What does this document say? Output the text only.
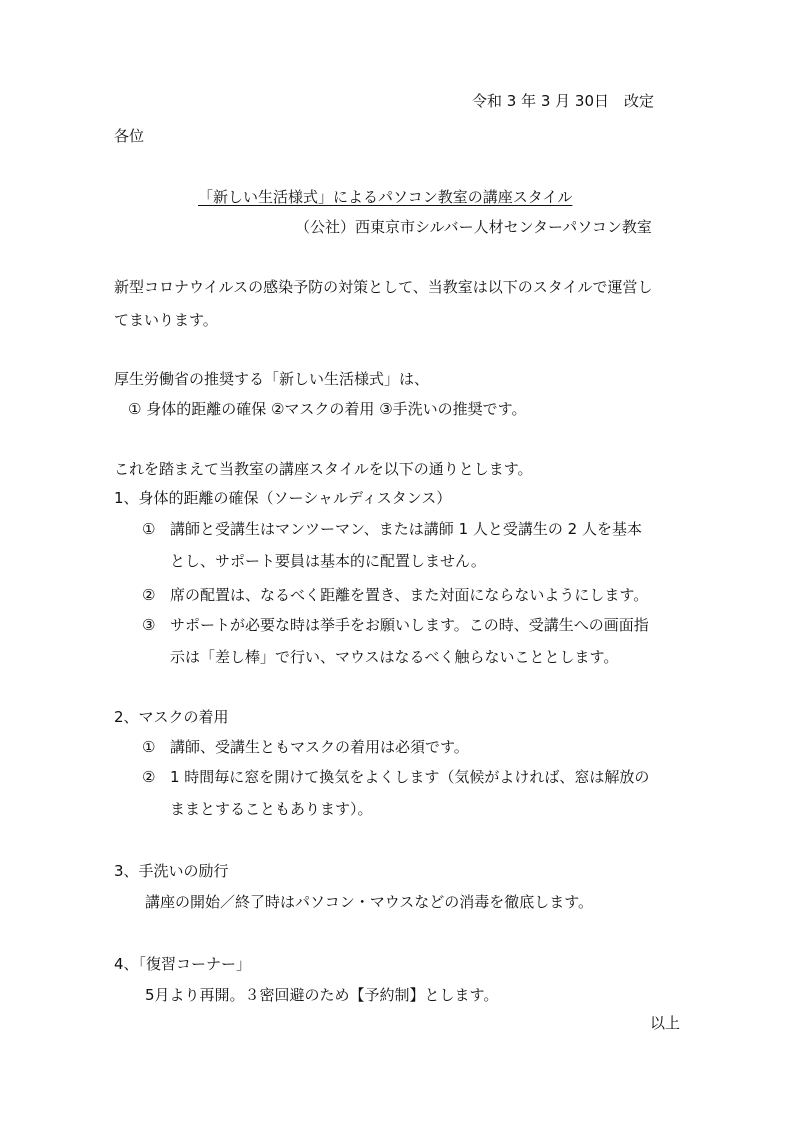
令和 3 年 3 月 30日　改定
各位
「新しい生活様式」によるパソコン教室の講座スタイル
（公社）西東京市シルバー人材センターパソコン教室
新型コロナウイルスの感染予防の対策として、当教室は以下のスタイルで運営し
てまいります。
厚生労働省の推奨する「新しい生活様式」は、
① 身体的距離の確保 ②マスクの着用 ③手洗いの推奨です。
これを踏まえて当教室の講座スタイルを以下の通りとします。
1、身体的距離の確保（ソーシャルディスタンス）
① 講師と受講生はマンツーマン、または講師 1 人と受講生の 2 人を基本
とし、サポート要員は基本的に配置しません。
② 席の配置は、なるべく距離を置き、また対面にならないようにします。
③ サポートが必要な時は挙手をお願いします。この時、受講生への画面指
示は「差し棒」で行い、マウスはなるべく触らないこととします。
2、マスクの着用
① 講師、受講生ともマスクの着用は必須です。
② 1 時間毎に窓を開けて換気をよくします（気候がよければ、窓は解放の
ままとすることもあります）。
3、手洗いの励行
講座の開始／終了時はパソコン・マウスなどの消毒を徹底します。
4、「復習コーナー」
5月より再開。３密回避のため【予約制】とします。
以上
